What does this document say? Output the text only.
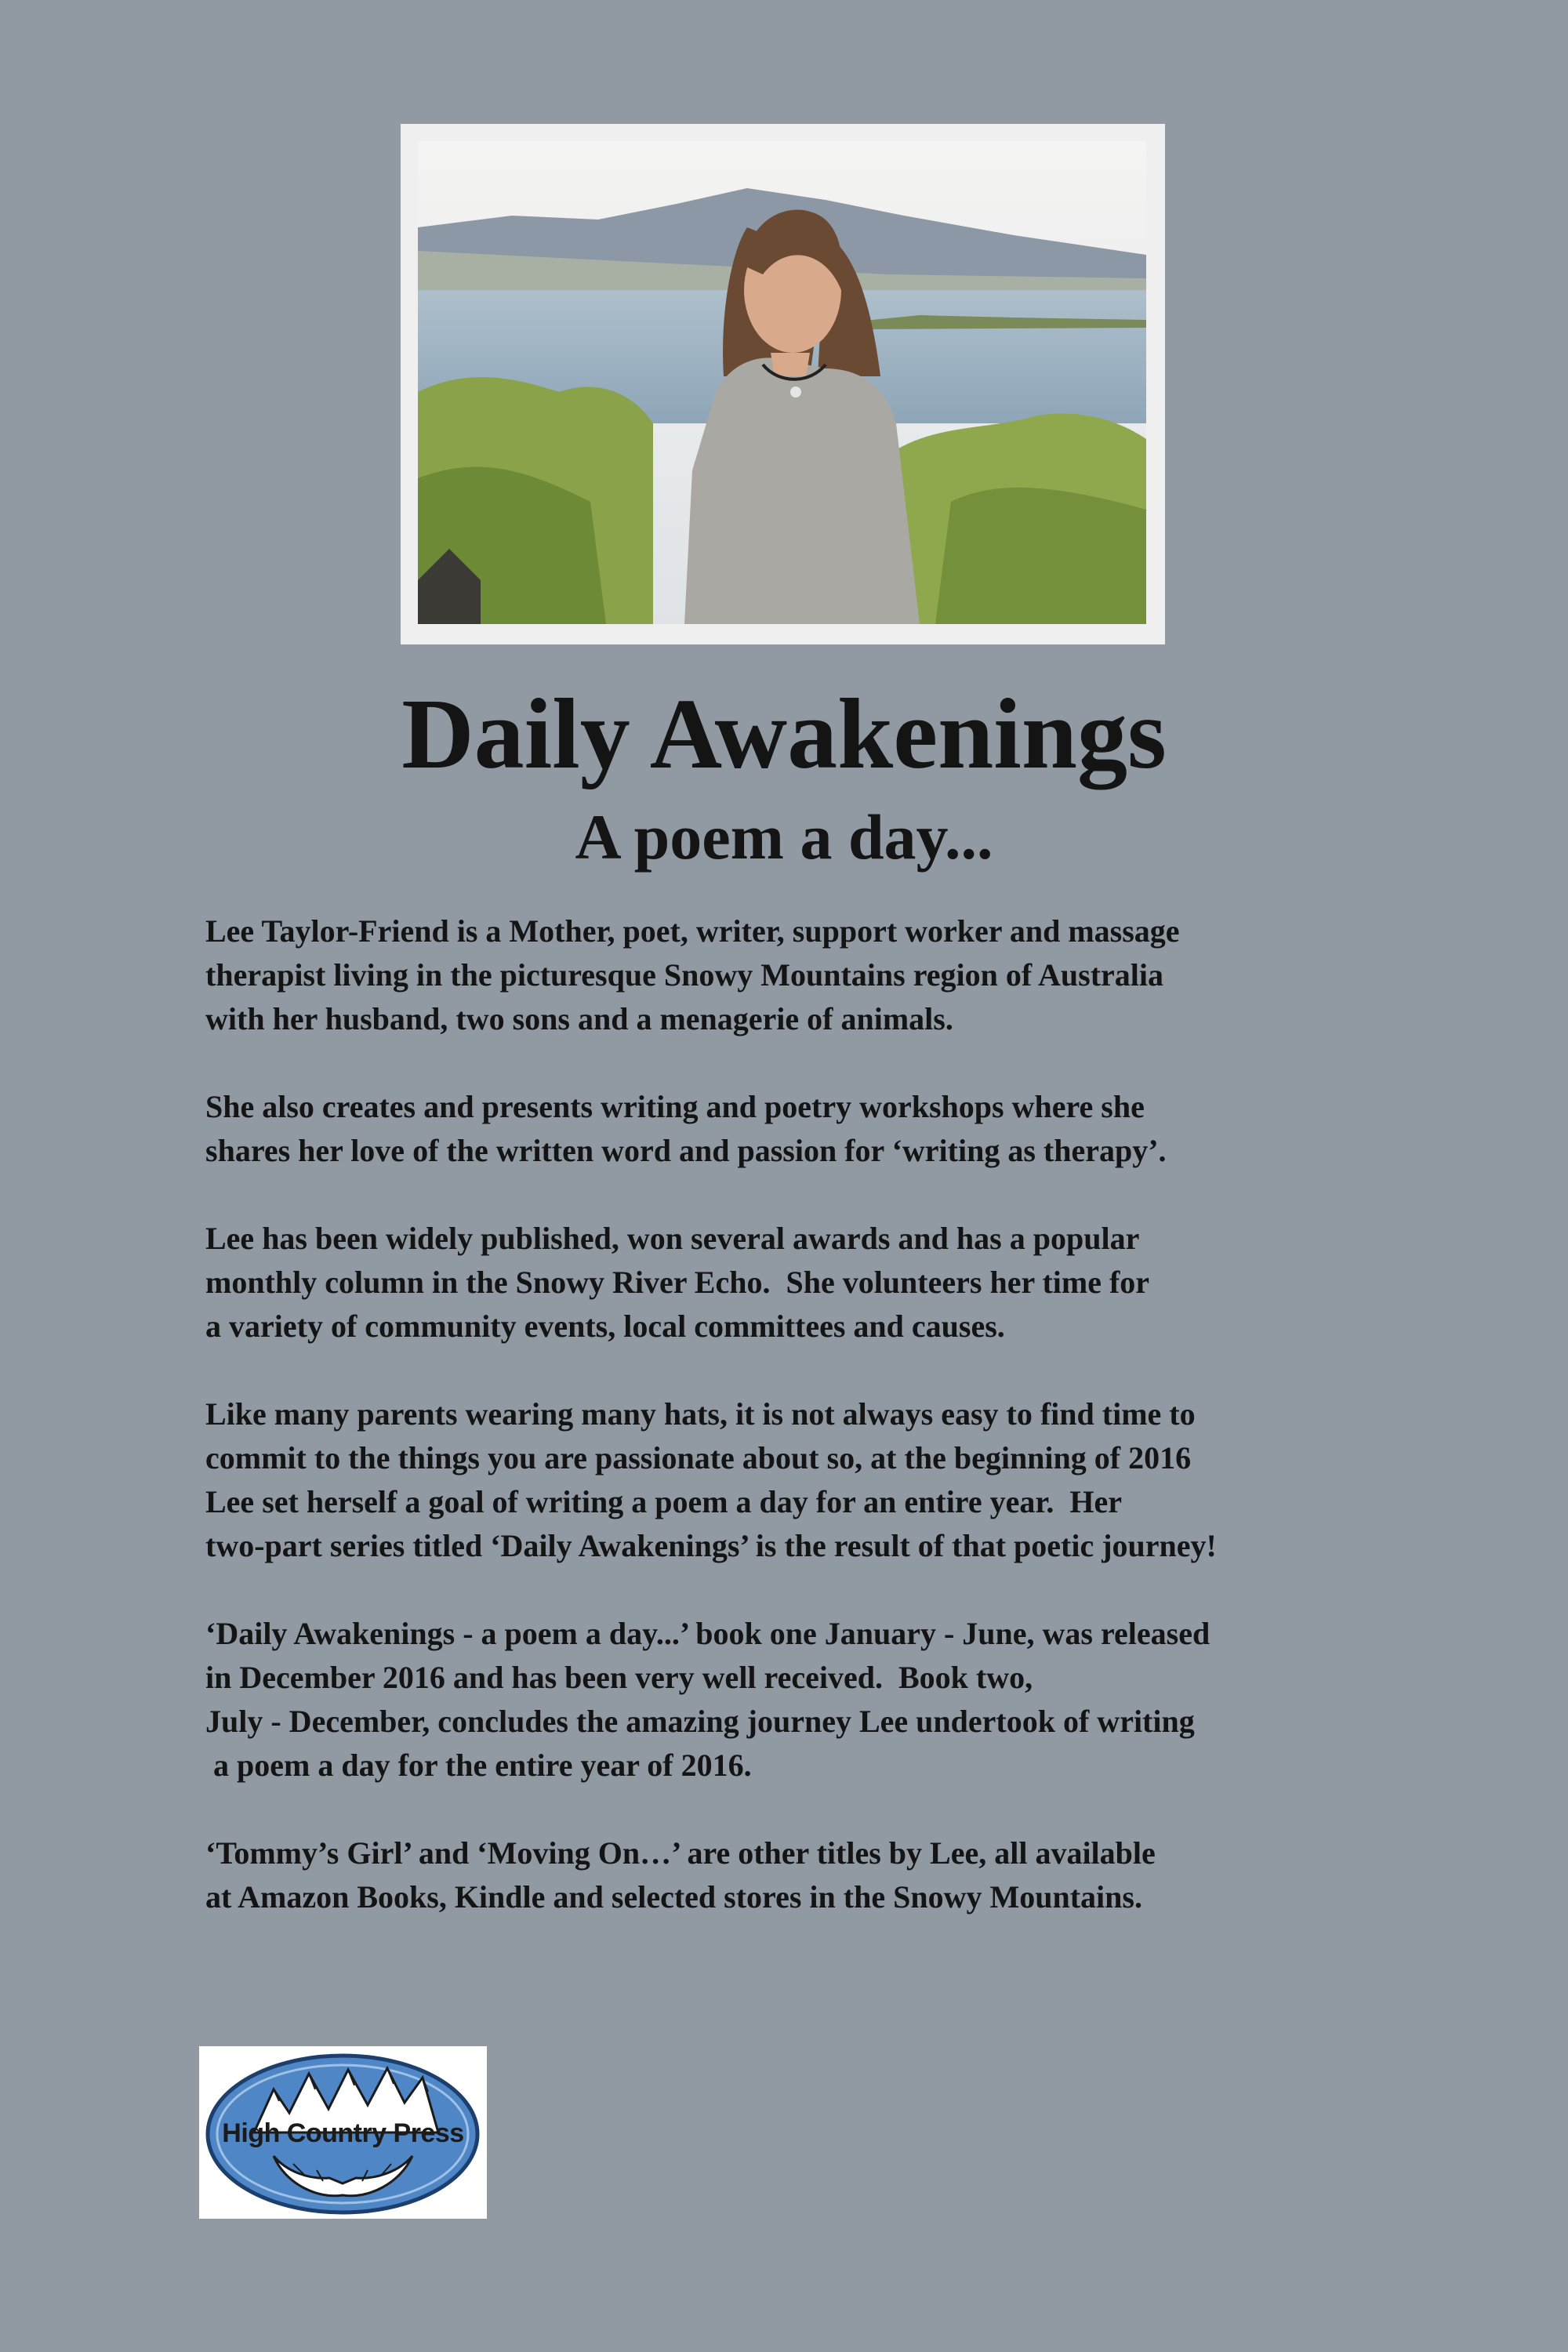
Daily Awakenings
A poem a day...

Lee Taylor-Friend is a Mother, poet, writer, support worker and massage
therapist living in the picturesque Snowy Mountains region of Australia
with her husband, two sons and a menagerie of animals.

She also creates and presents writing and poetry workshops where she
shares her love of the written word and passion for ‘writing as therapy’.

Lee has been widely published, won several awards and has a popular
monthly column in the Snowy River Echo.  She volunteers her time for
a variety of community events, local committees and causes.

Like many parents wearing many hats, it is not always easy to find time to
commit to the things you are passionate about so, at the beginning of 2016
Lee set herself a goal of writing a poem a day for an entire year.  Her
two-part series titled ‘Daily Awakenings’ is the result of that poetic journey!

‘Daily Awakenings - a poem a day...’ book one January - June, was released
in December 2016 and has been very well received.  Book two,
July - December, concludes the amazing journey Lee undertook of writing
a poem a day for the entire year of 2016.

‘Tommy’s Girl’ and ‘Moving On…’ are other titles by Lee, all available
at Amazon Books, Kindle and selected stores in the Snowy Mountains.

High Country Press
